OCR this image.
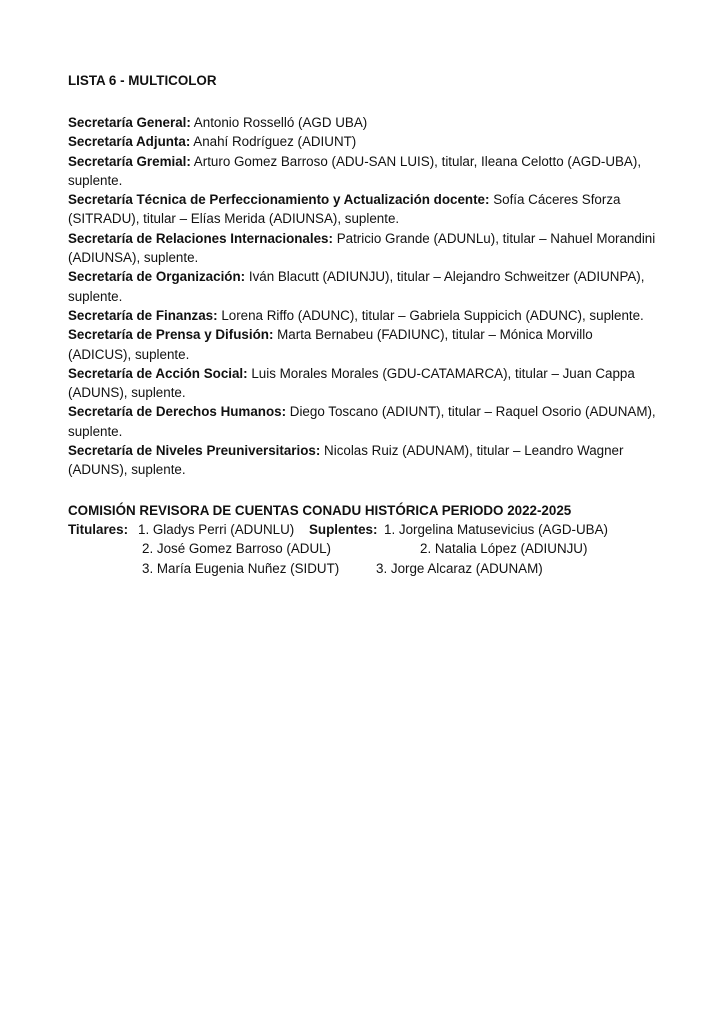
LISTA 6 - MULTICOLOR

Secretaría General: Antonio Rosselló (AGD UBA)

Secretaría Adjunta: Anahí Rodríguez (ADIUNT)

Secretaría Gremial: Arturo Gomez Barroso (ADU-SAN LUIS), titular, Ileana Celotto (AGD-UBA), suplente.

Secretaría Técnica de Perfeccionamiento y Actualización docente: Sofía Cáceres Sforza (SITRADU), titular – Elías Merida (ADIUNSA), suplente.

Secretaría de Relaciones Internacionales: Patricio Grande (ADUNLu), titular – Nahuel Morandini (ADIUNSA), suplente.

Secretaría de Organización: Iván Blacutt (ADIUNJU), titular – Alejandro Schweitzer (ADIUNPA), suplente.

Secretaría de Finanzas: Lorena Riffo (ADUNC), titular – Gabriela Suppicich (ADUNC), suplente.

Secretaría de Prensa y Difusión: Marta Bernabeu (FADIUNC), titular – Mónica Morvillo (ADICUS), suplente.

Secretaría de Acción Social: Luis Morales Morales (GDU-CATAMARCA), titular – Juan Cappa (ADUNS), suplente.

Secretaría de Derechos Humanos: Diego Toscano (ADIUNT), titular – Raquel Osorio (ADUNAM), suplente.

Secretaría de Niveles Preuniversitarios: Nicolas Ruiz (ADUNAM), titular – Leandro Wagner (ADUNS), suplente.

COMISIÓN REVISORA DE CUENTAS CONADU HISTÓRICA PERIODO 2022-2025

Titulares: 1. Gladys Perri (ADUNLU) Suplentes: 1. Jorgelina Matusevicius (AGD-UBA)
2. José Gomez Barroso (ADUL)	2. Natalia López (ADIUNJU)
3. María Eugenia Nuñez (SIDUT)	3. Jorge Alcaraz (ADUNAM)
